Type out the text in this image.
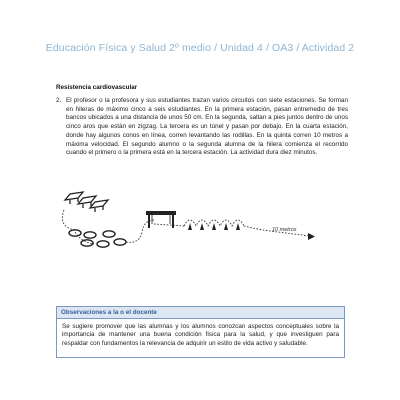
Educación Física y Salud 2º medio / Unidad 4 / OA3 / Actividad 2
Resistencia cardiovascular
2. El profesor o la profesora y sus estudiantes trazan varios circuitos con siete estaciones. Se forman en hileras de máximo cinco a seis estudiantes. En la primera estación, pasan entremedio de tres bancos ubicados a una distancia de unos 50 cm. En la segunda, saltan a pies juntos dentro de unos cinco aros que están en zigzag. La tercera es un túnel y pasan por debajo. En la cuarta estación, donde hay algunos conos en línea, corren levantando las rodillas. En la quinta corren 10 metros a máxima velocidad. El segundo alumno o la segunda alumna de la hilera comienza el recorrido cuando el primero o la primera está en la tercera estación. La actividad dura diez minutos.
10 metros
Observaciones a la o el docente
Se sugiere promover que las alumnas y los alumnos conozcan aspectos conceptuales sobre la importancia de mantener una buena condición física para la salud, y que investiguen para respaldar con fundamentos la relevancia de adquirir un estilo de vida activo y saludable.
